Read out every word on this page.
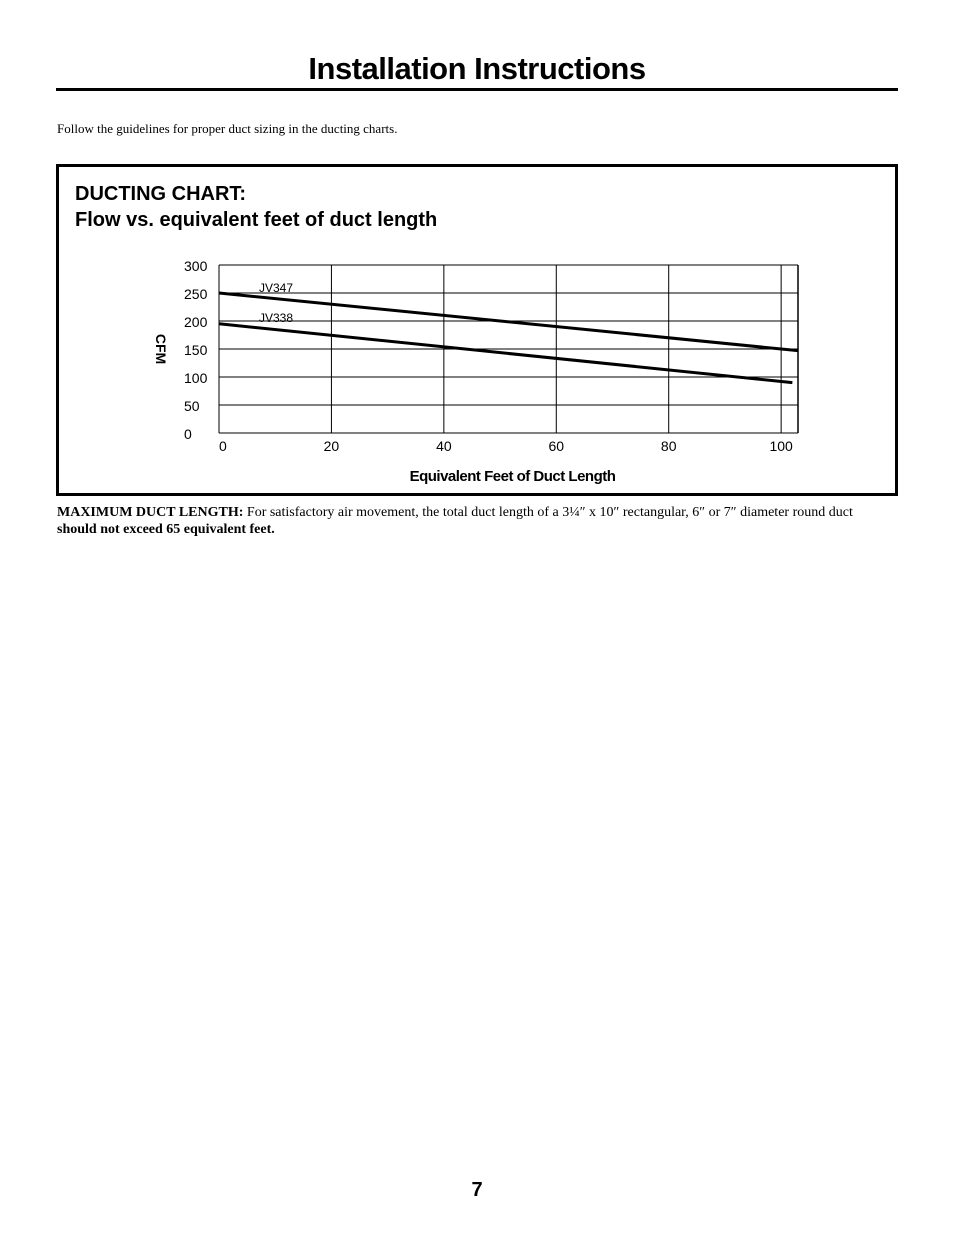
Installation Instructions
Follow the guidelines for proper duct sizing in the ducting charts.
DUCTING CHART:
Flow vs. equivalent feet of duct length
0
50
100
150
200
250
300
0	20	40	60	80	100
CFM
Equivalent Feet of Duct Length
JV347
JV338
MAXIMUM DUCT LENGTH: For satisfactory air movement, the total duct length of a 3¼″ x 10″ rectangular, 6″ or 7″ diameter round duct should not exceed 65 equivalent feet.
7
